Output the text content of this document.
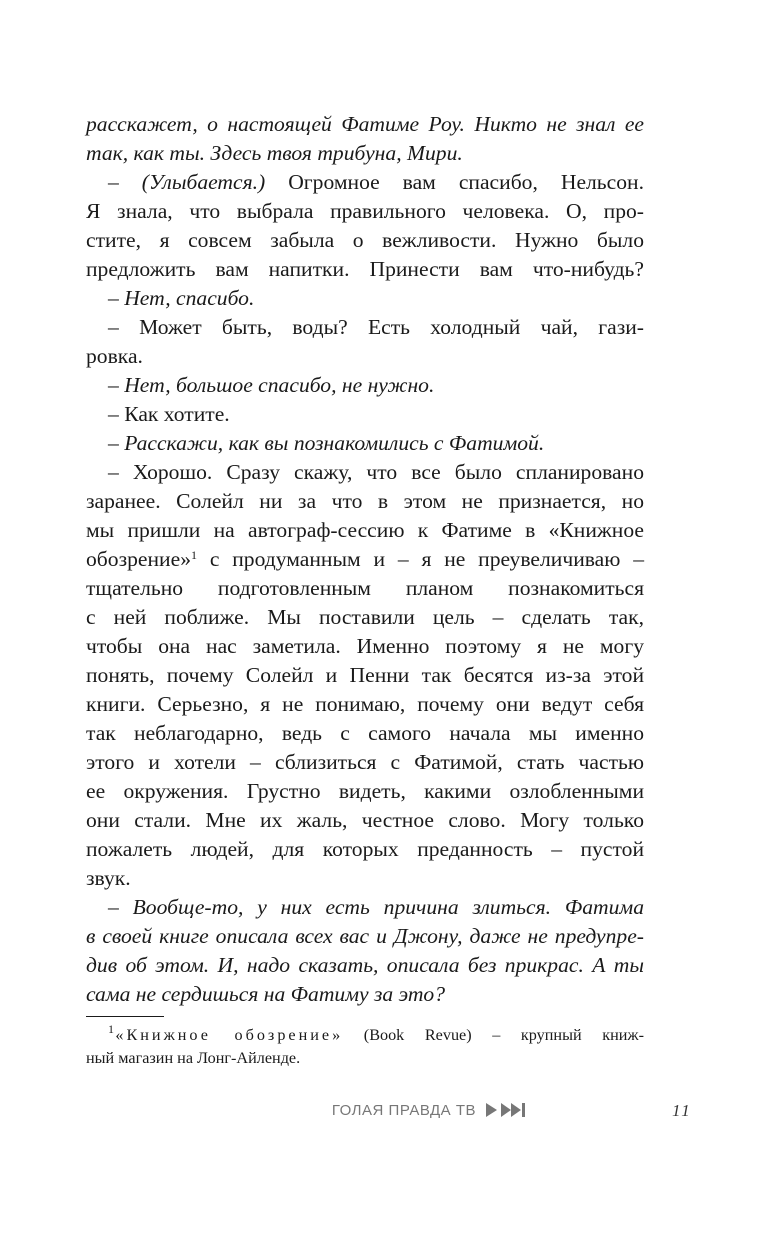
расскажет, о настоящей Фатиме Роу. Никто не знал ее
так, как ты. Здесь твоя трибуна, Мири.
– (Улыбается.) Огромное вам спасибо, Нельсон.
Я знала, что выбрала правильного человека. О, про-
стите, я совсем забыла о вежливости. Нужно было
предложить вам напитки. Принести вам что-нибудь?
– Нет, спасибо.
– Может быть, воды? Есть холодный чай, гази-
ровка.
– Нет, большое спасибо, не нужно.
– Как хотите.
– Расскажи, как вы познакомились с Фатимой.
– Хорошо. Сразу скажу, что все было спланировано
заранее. Солейл ни за что в этом не признается, но
мы пришли на автограф-сессию к Фатиме в «Книжное
обозрение»$^1$ с продуманным и – я не преувеличиваю –
тщательно подготовленным планом познакомиться
с ней поближе. Мы поставили цель – сделать так,
чтобы она нас заметила. Именно поэтому я не могу
понять, почему Солейл и Пенни так бесятся из-за этой
книги. Серьезно, я не понимаю, почему они ведут себя
так неблагодарно, ведь с самого начала мы именно
этого и хотели – сблизиться с Фатимой, стать частью
ее окружения. Грустно видеть, какими озлобленными
они стали. Мне их жаль, честное слово. Могу только
пожалеть людей, для которых преданность – пустой
звук.
– Вообще-то, у них есть причина злиться. Фатима
в своей книге описала всех вас и Джону, даже не предупре-
див об этом. И, надо сказать, описала без прикрас. А ты
сама не сердишься на Фатиму за это?
$^1$ «Книжное обозрение» (Book Revue) – крупный книж-
ный магазин на Лонг-Айленде.
ГОЛАЯ ПРАВДА ТВ	11
